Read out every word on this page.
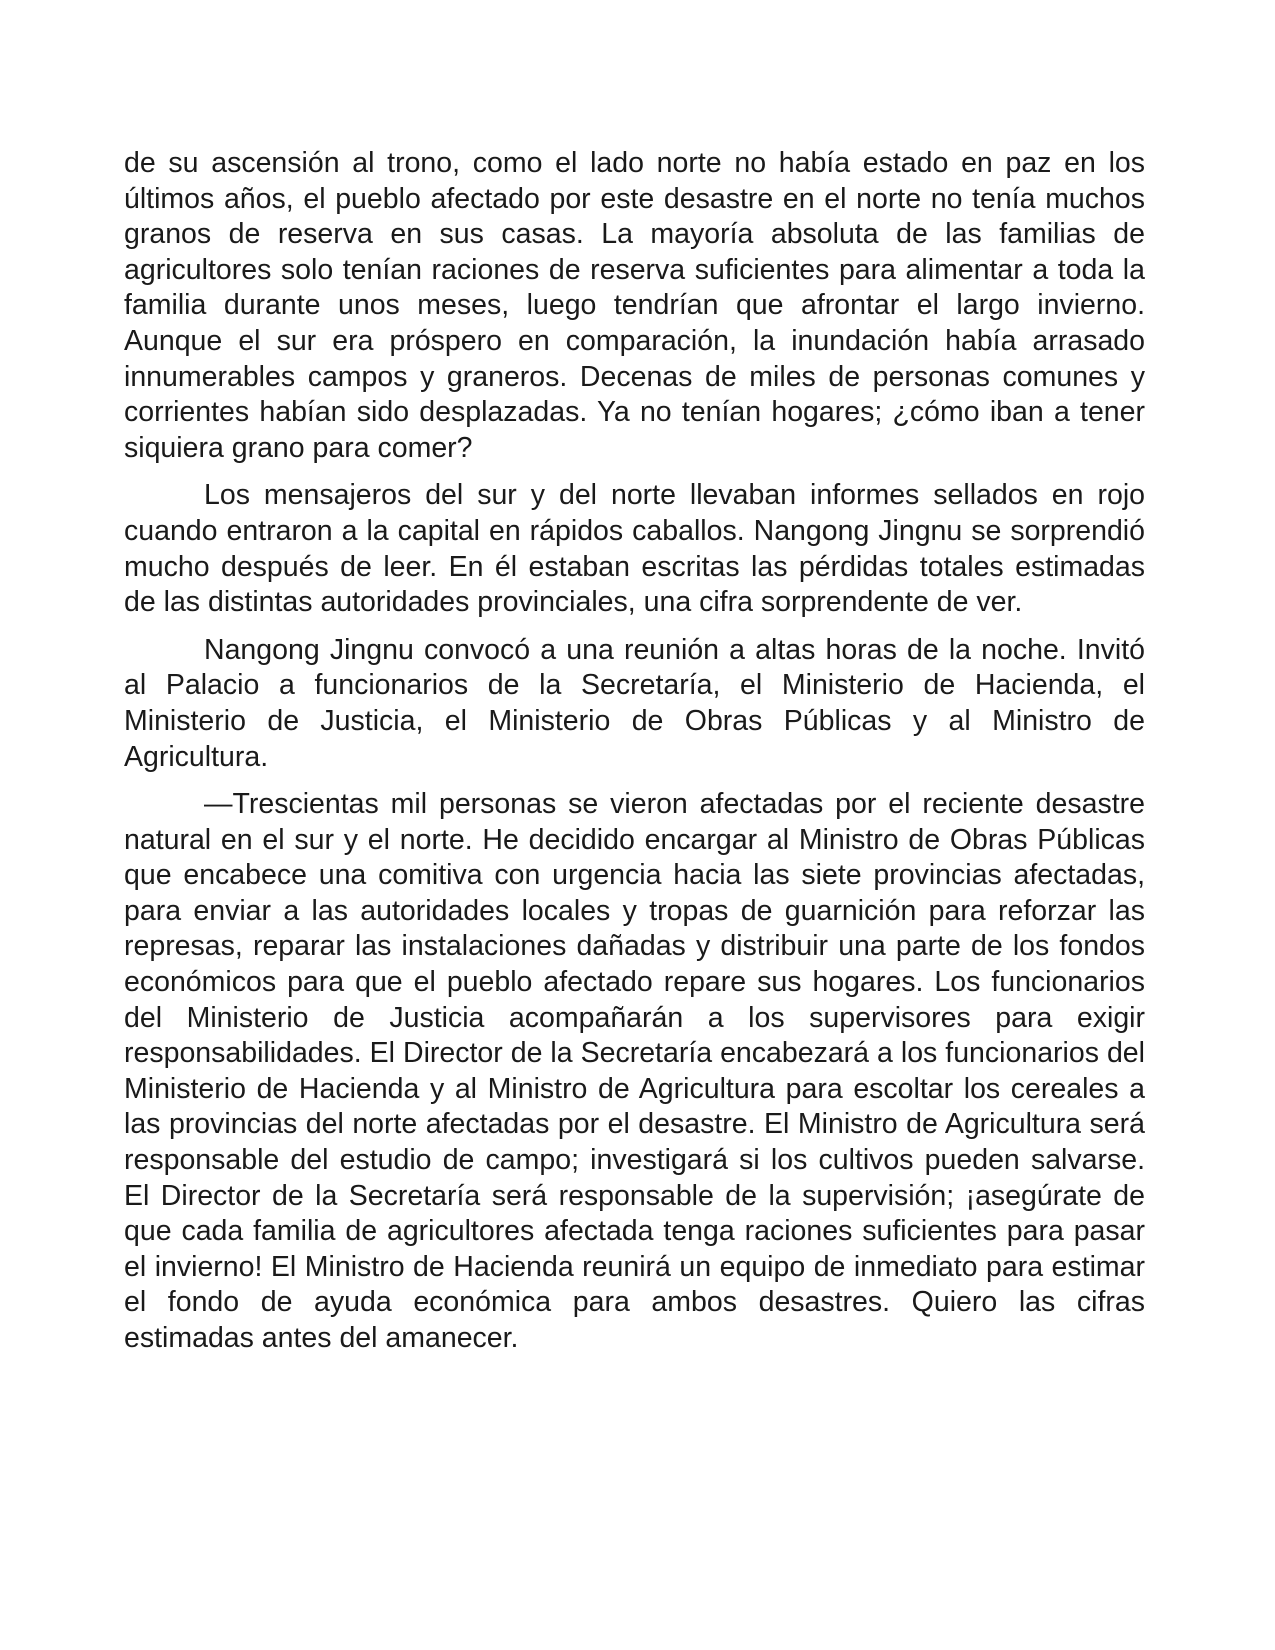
de su ascensión al trono, como el lado norte no había estado en paz en los últimos años, el pueblo afectado por este desastre en el norte no tenía muchos granos de reserva en sus casas. La mayoría absoluta de las familias de agricultores solo tenían raciones de reserva suficientes para alimentar a toda la familia durante unos meses, luego tendrían que afrontar el largo invierno. Aunque el sur era próspero en comparación, la inundación había arrasado innumerables campos y graneros. Decenas de miles de personas comunes y corrientes habían sido desplazadas. Ya no tenían hogares; ¿cómo iban a tener siquiera grano para comer?

Los mensajeros del sur y del norte llevaban informes sellados en rojo cuando entraron a la capital en rápidos caballos. Nangong Jingnu se sorprendió mucho después de leer. En él estaban escritas las pérdidas totales estimadas de las distintas autoridades provinciales, una cifra sorprendente de ver.

Nangong Jingnu convocó a una reunión a altas horas de la noche. Invitó al Palacio a funcionarios de la Secretaría, el Ministerio de Hacienda, el Ministerio de Justicia, el Ministerio de Obras Públicas y al Ministro de Agricultura.

—Trescientas mil personas se vieron afectadas por el reciente desastre natural en el sur y el norte. He decidido encargar al Ministro de Obras Públicas que encabece una comitiva con urgencia hacia las siete provincias afectadas, para enviar a las autoridades locales y tropas de guarnición para reforzar las represas, reparar las instalaciones dañadas y distribuir una parte de los fondos económicos para que el pueblo afectado repare sus hogares. Los funcionarios del Ministerio de Justicia acompañarán a los supervisores para exigir responsabilidades. El Director de la Secretaría encabezará a los funcionarios del Ministerio de Hacienda y al Ministro de Agricultura para escoltar los cereales a las provincias del norte afectadas por el desastre. El Ministro de Agricultura será responsable del estudio de campo; investigará si los cultivos pueden salvarse. El Director de la Secretaría será responsable de la supervisión; ¡asegúrate de que cada familia de agricultores afectada tenga raciones suficientes para pasar el invierno! El Ministro de Hacienda reunirá un equipo de inmediato para estimar el fondo de ayuda económica para ambos desastres. Quiero las cifras estimadas antes del amanecer.
